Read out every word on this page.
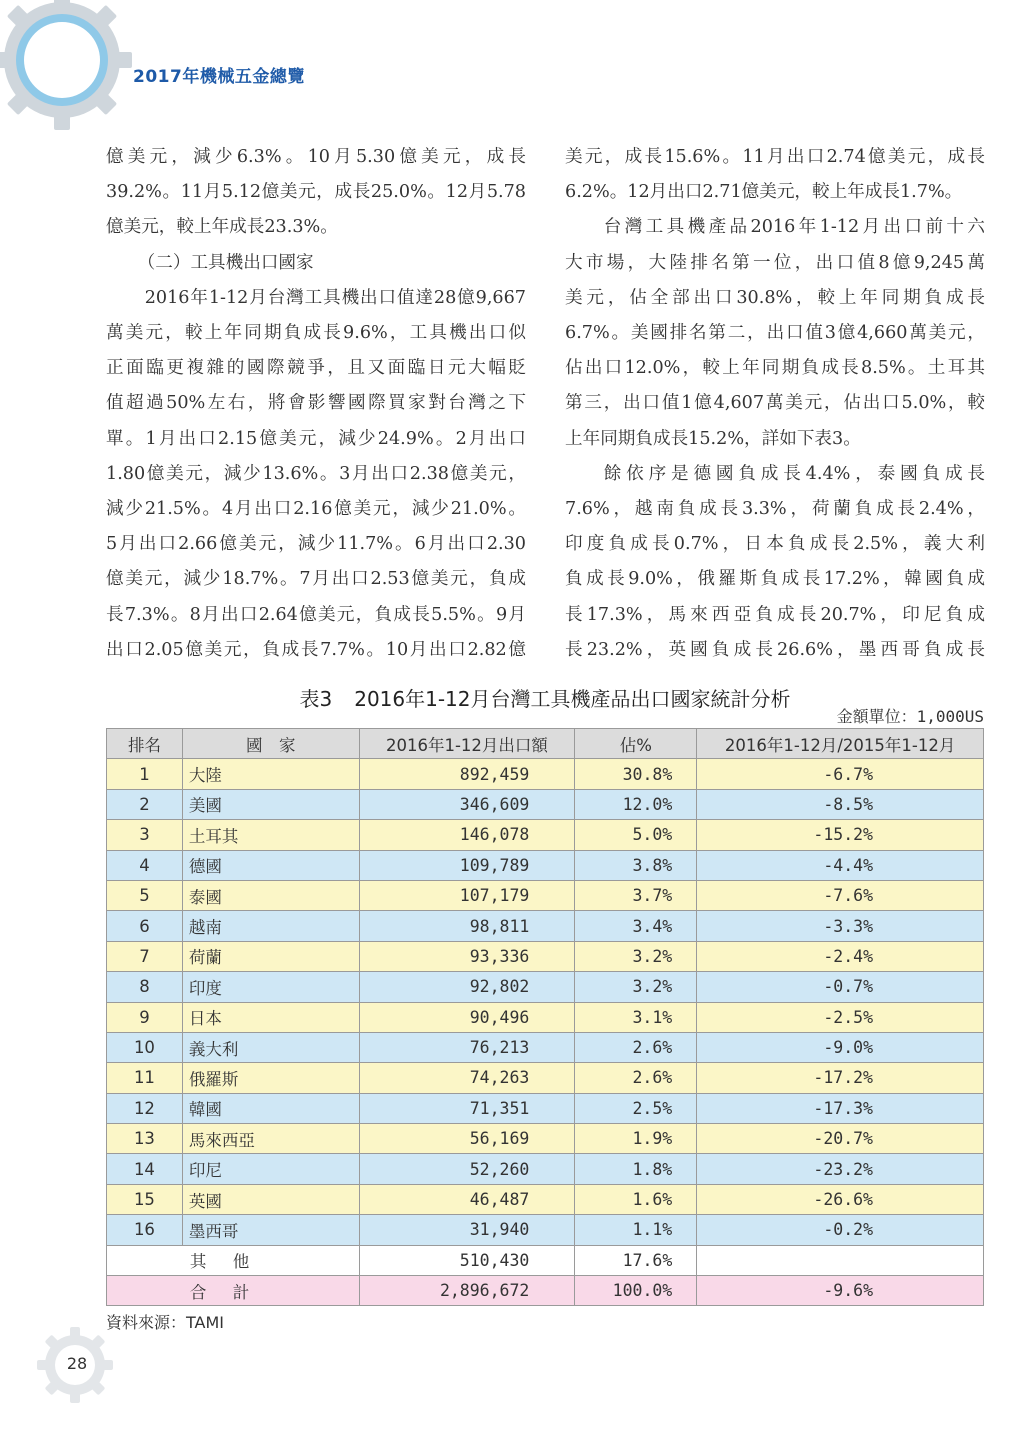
2017年機械五金總覽

億美元，減少6.3%。10月5.30億美元，成長

39.2%。11月5.12億美元，成長25.0%。12月5.78

億美元，較上年成長23.3%。

（二）工具機出口國家

2016年1-12月台灣工具機出口值達28億9,667

萬美元，較上年同期負成長9.6%，工具機出口似

正面臨更複雜的國際競爭，且又面臨日元大幅貶

值超過50%左右，將會影響國際買家對台灣之下

單。1月出口2.15億美元，減少24.9%。2月出口

1.80億美元，減少13.6%。3月出口2.38億美元，

減少21.5%。4月出口2.16億美元，減少21.0%。

5月出口2.66億美元，減少11.7%。6月出口2.30

億美元，減少18.7%。7月出口2.53億美元，負成

長7.3%。8月出口2.64億美元，負成長5.5%。9月

出口2.05億美元，負成長7.7%。10月出口2.82億

美元，成長15.6%。11月出口2.74億美元，成長

6.2%。12月出口2.71億美元，較上年成長1.7%。

台灣工具機產品2016年1-12月出口前十六

大市場，大陸排名第一位，出口值8億9,245萬

美元，佔全部出口30.8%，較上年同期負成長

6.7%。美國排名第二，出口值3億4,660萬美元，

佔出口12.0%，較上年同期負成長8.5%。土耳其

第三，出口值1億4,607萬美元，佔出口5.0%，較

上年同期負成長15.2%，詳如下表3。

餘依序是德國負成長4.4%，泰國負成長

7.6%，越南負成長3.3%，荷蘭負成長2.4%，

印度負成長0.7%，日本負成長2.5%，義大利

負成長9.0%，俄羅斯負成長17.2%，韓國負成

長17.3%，馬來西亞負成長20.7%，印尼負成

長23.2%，英國負成長26.6%，墨西哥負成長

表3 2016年1-12月台灣工具機產品出口國家統計分析
金額單位：1,000US
排名	國　家	2016年1-12月出口額	佔%	2016年1-12月/2015年1-12月
1	大陸	892,459	30.8%	-6.7%
2	美國	346,609	12.0%	-8.5%
3	土耳其	146,078	5.0%	-15.2%
4	德國	109,789	3.8%	-4.4%
5	泰國	107,179	3.7%	-7.6%
6	越南	98,811	3.4%	-3.3%
7	荷蘭	93,336	3.2%	-2.4%
8	印度	92,802	3.2%	-0.7%
9	日本	90,496	3.1%	-2.5%
10	義大利	76,213	2.6%	-9.0%
11	俄羅斯	74,263	2.6%	-17.2%
12	韓國	71,351	2.5%	-17.3%
13	馬來西亞	56,169	1.9%	-20.7%
14	印尼	52,260	1.8%	-23.2%
15	英國	46,487	1.6%	-26.6%
16	墨西哥	31,940	1.1%	-0.2%
其他		510,430	17.6%	
合計		2,896,672	100.0%	-9.6%
資料來源：TAMI
28
